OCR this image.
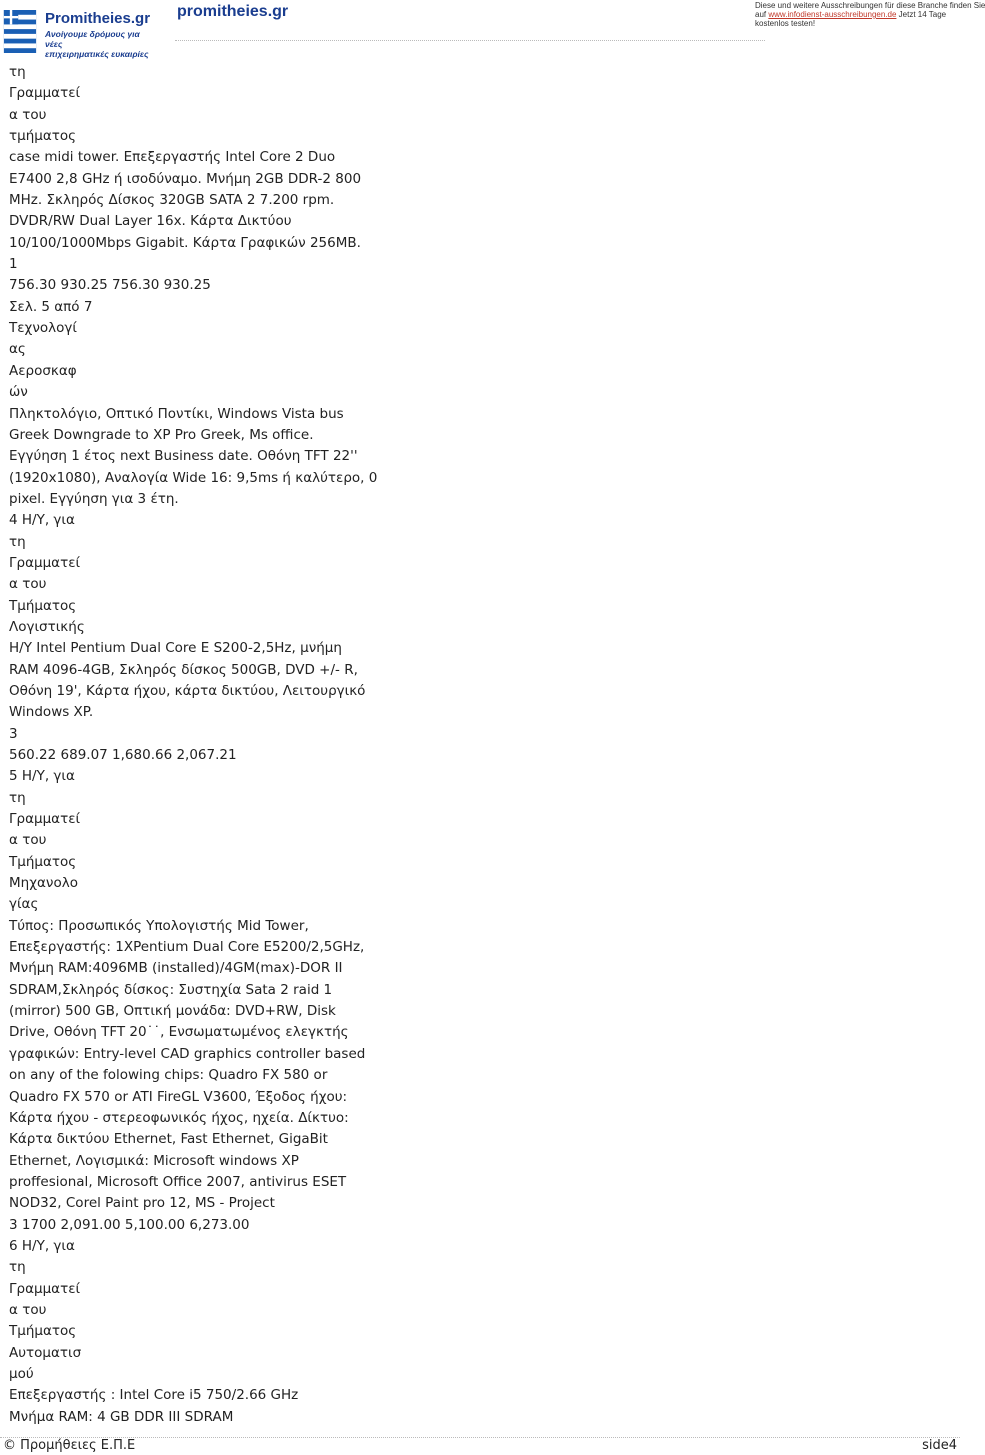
Promitheies.gr
Ανοίγουμε δρόμους για νέες
επιχειρηματικές ευκαιρίες
promitheies.gr	Diese und weitere Ausschreibungen für diese Branche finden Sie
auf www.infodienst-ausschreibungen.de Jetzt 14 Tage
kostenlos testen!
τη
Γραμματεί
α του
τμήματος
case midi tower. Επεξεργαστής Intel Core 2 Duo
E7400 2,8 GHz ή ισοδύναμο. Μνήμη 2GB DDR-2 800
MHz. Σκληρός Δίσκος 320GB SATA 2 7.200 rpm.
DVDR/RW Dual Layer 16x. Κάρτα Δικτύου
10/100/1000Mbps Gigabit. Κάρτα Γραφικών 256MB.
1
756.30 930.25 756.30 930.25
Σελ. 5 από 7
Τεχνολογί
ας
Αεροσκαφ
ών
Πληκτολόγιο, Οπτικό Ποντίκι, Windows Vista bus
Greek Downgrade to XP Pro Greek, Ms office.
Εγγύηση 1 έτος next Business date. Οθόνη TFT 22''
(1920x1080), Αναλογία Wide 16: 9,5ms ή καλύτερο, 0
pixel. Εγγύηση για 3 έτη.
4 Η/Υ, για
τη
Γραμματεί
α του
Τμήματος
Λογιστικής
Η/Υ Intel Pentium Dual Core E S200-2,5Hz, μνήμη
RAM 4096-4GB, Σκληρός δίσκος 500GB, DVD +/- R,
Οθόνη 19', Κάρτα ήχου, κάρτα δικτύου, Λειτουργικό
Windows XP.
3
560.22 689.07 1,680.66 2,067.21
5 Η/Υ, για
τη
Γραμματεί
α του
Τμήματος
Μηχανολο
γίας
Τύπος: Προσωπικός Υπολογιστής Mid Tower,
Επεξεργαστής: 1XPentium Dual Core E5200/2,5GHz,
Μνήμη RAM:4096MB (installed)/4GM(max)-DOR II
SDRAM,Σκληρός δίσκος: Συστηχία Sata 2 raid 1
(mirror) 500 GB, Οπτική μονάδα: DVD+RW, Disk
Drive, Οθόνη TFT 20˙˙, Ενσωματωμένος ελεγκτής
γραφικών: Entry-level CAD graphics controller based
on any of the folowing chips: Quadro FX 580 or
Quadro FX 570 or ATI FireGL V3600, Έξοδος ήχου:
Κάρτα ήχου - στερεοφωνικός ήχος, ηχεία. Δίκτυο:
Κάρτα δικτύου Ethernet, Fast Ethernet, GigaBit
Ethernet, Λογισμικά: Microsoft windows XP
proffesional, Microsoft Office 2007, antivirus ESET
NOD32, Corel Paint pro 12, MS - Project
3 1700 2,091.00 5,100.00 6,273.00
6 Η/Υ, για
τη
Γραμματεί
α του
Τμήματος
Αυτοματισ
μού
Επεξεργαστής : Intel Core i5 750/2.66 GHz
Μνήμα RAM: 4 GB DDR III SDRAM
© Προμήθειες Ε.Π.Ε	side4
